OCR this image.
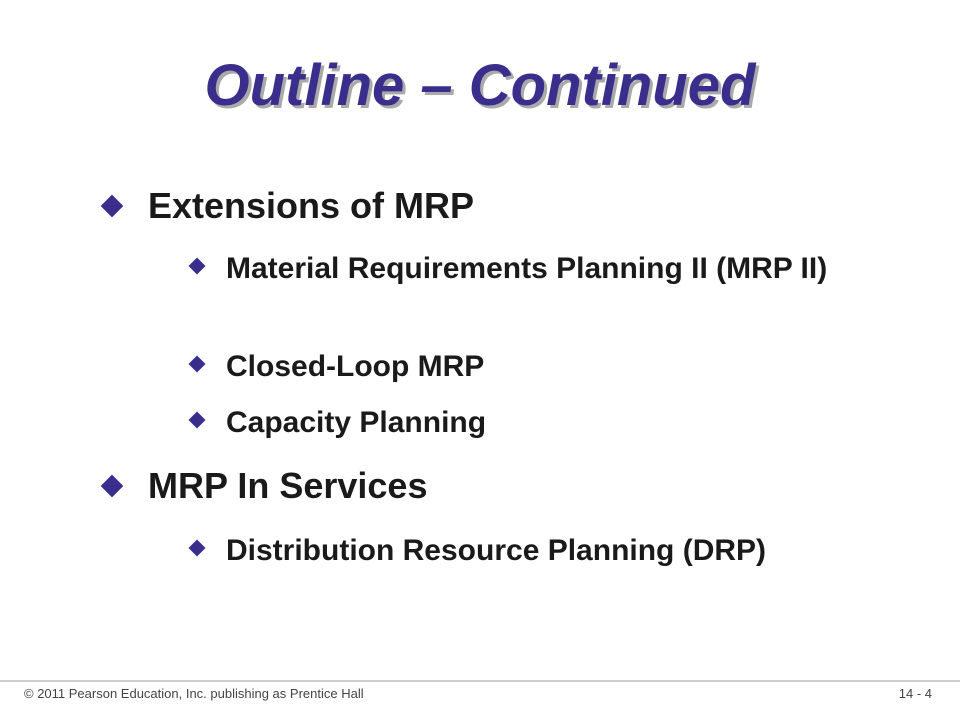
Outline – Continued
Extensions of MRP
Material Requirements Planning II (MRP II)
Closed-Loop MRP
Capacity Planning
MRP In Services
Distribution Resource Planning (DRP)
© 2011 Pearson Education, Inc. publishing as Prentice Hall	14 - 4
